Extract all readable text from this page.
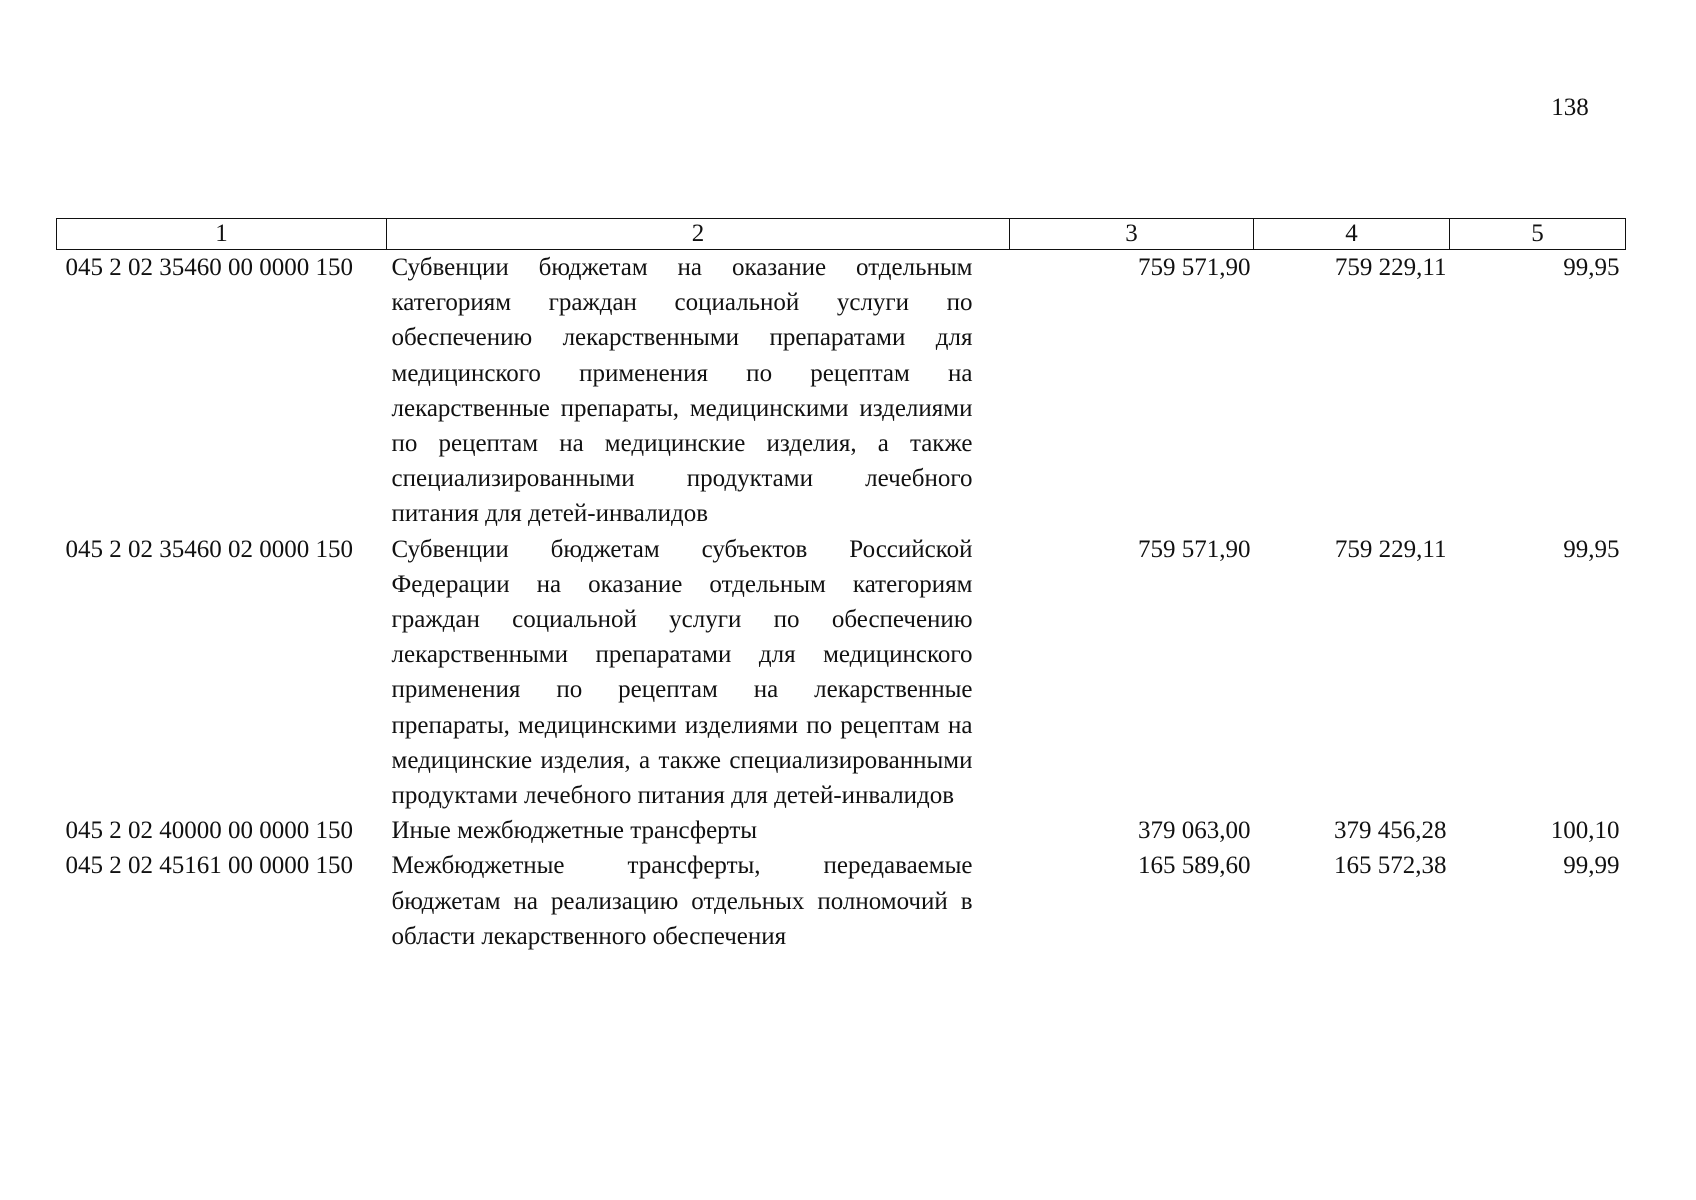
138
1	2	3	4	5
045 2 02 35460 00 0000 150	Субвенции бюджетам на оказание отдельным категориям граждан социальной услуги по обеспечению лекарственными препаратами для медицинского применения по рецептам на лекарственные препараты, медицинскими изделиями по рецептам на медицинские изделия, а также специализированными продуктами лечебного питания для детей-инвалидов	759 571,90	759 229,11	99,95
045 2 02 35460 02 0000 150	Субвенции бюджетам субъектов Российской Федерации на оказание отдельным категориям граждан социальной услуги по обеспечению лекарственными препаратами для медицинского применения по рецептам на лекарственные препараты, медицинскими изделиями по рецептам на медицинские изделия, а также специализированными продуктами лечебного питания для детей-инвалидов	759 571,90	759 229,11	99,95
045 2 02 40000 00 0000 150	Иные межбюджетные трансферты	379 063,00	379 456,28	100,10
045 2 02 45161 00 0000 150	Межбюджетные трансферты, передаваемые бюджетам на реализацию отдельных полномочий в области лекарственного обеспечения	165 589,60	165 572,38	99,99
